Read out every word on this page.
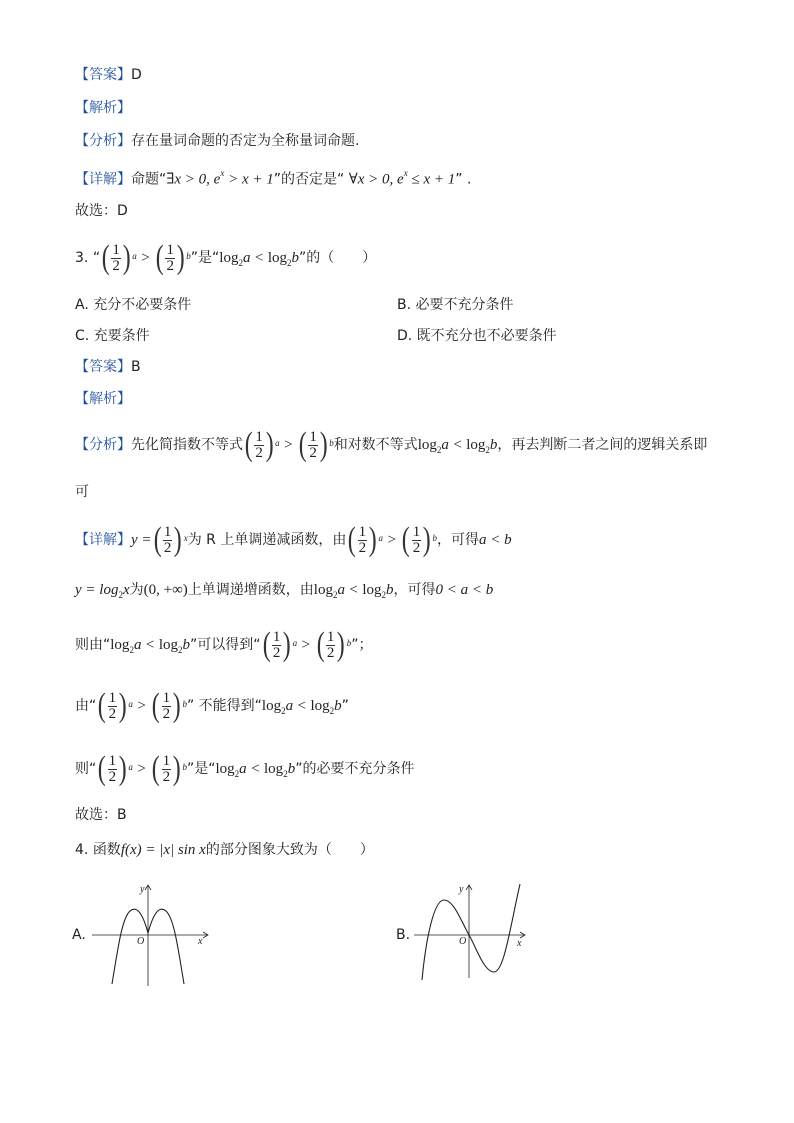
【答案】D
【解析】
【分析】存在量词命题的否定为全称量词命题.
【详解】命题“∃x > 0, $e^x > x + 1$”的否定是“ ∀x > 0, $e^x \le x + 1$” .
故选：D
3. “ ( 1
2 ) a > ( 1
2 ) b ”是“$\log_2a < \log_2b$”的（　　）
A. 充分不必要条件	B. 必要不充分条件
C. 充要条件	D. 既不充分也不必要条件
【答案】B
【解析】
【分析】先化简指数不等式 ( 1
2 ) a > ( 1
2 ) b 和对数不等式$\log_2a < \log_2b$，再去判断二者之间的逻辑关系即
可
【详解】y = ( 1
2 ) x 为 R 上单调递减函数，由 ( 1
2 ) a > ( 1
2 ) b ，可得a < b
$y = \log_2x$为(0, +∞)上单调递增函数，由$\log_2a < \log_2b$，可得0 < a < b
则由“$\log_2a < \log_2b$”可以得到“ ( 1
2 ) a > ( 1
2 ) b ”；
由“ ( 1
2 ) a > ( 1
2 ) b ” 不能得到“$\log_2a < \log_2b$”
则“ ( 1
2 ) a > ( 1
2 ) b ”是“$\log_2a < \log_2b$”的必要不充分条件
故选：B
4. 函数f(x) = |x| sin x的部分图象大致为（　　）
A.	x
y
O	B.
x
y
O
